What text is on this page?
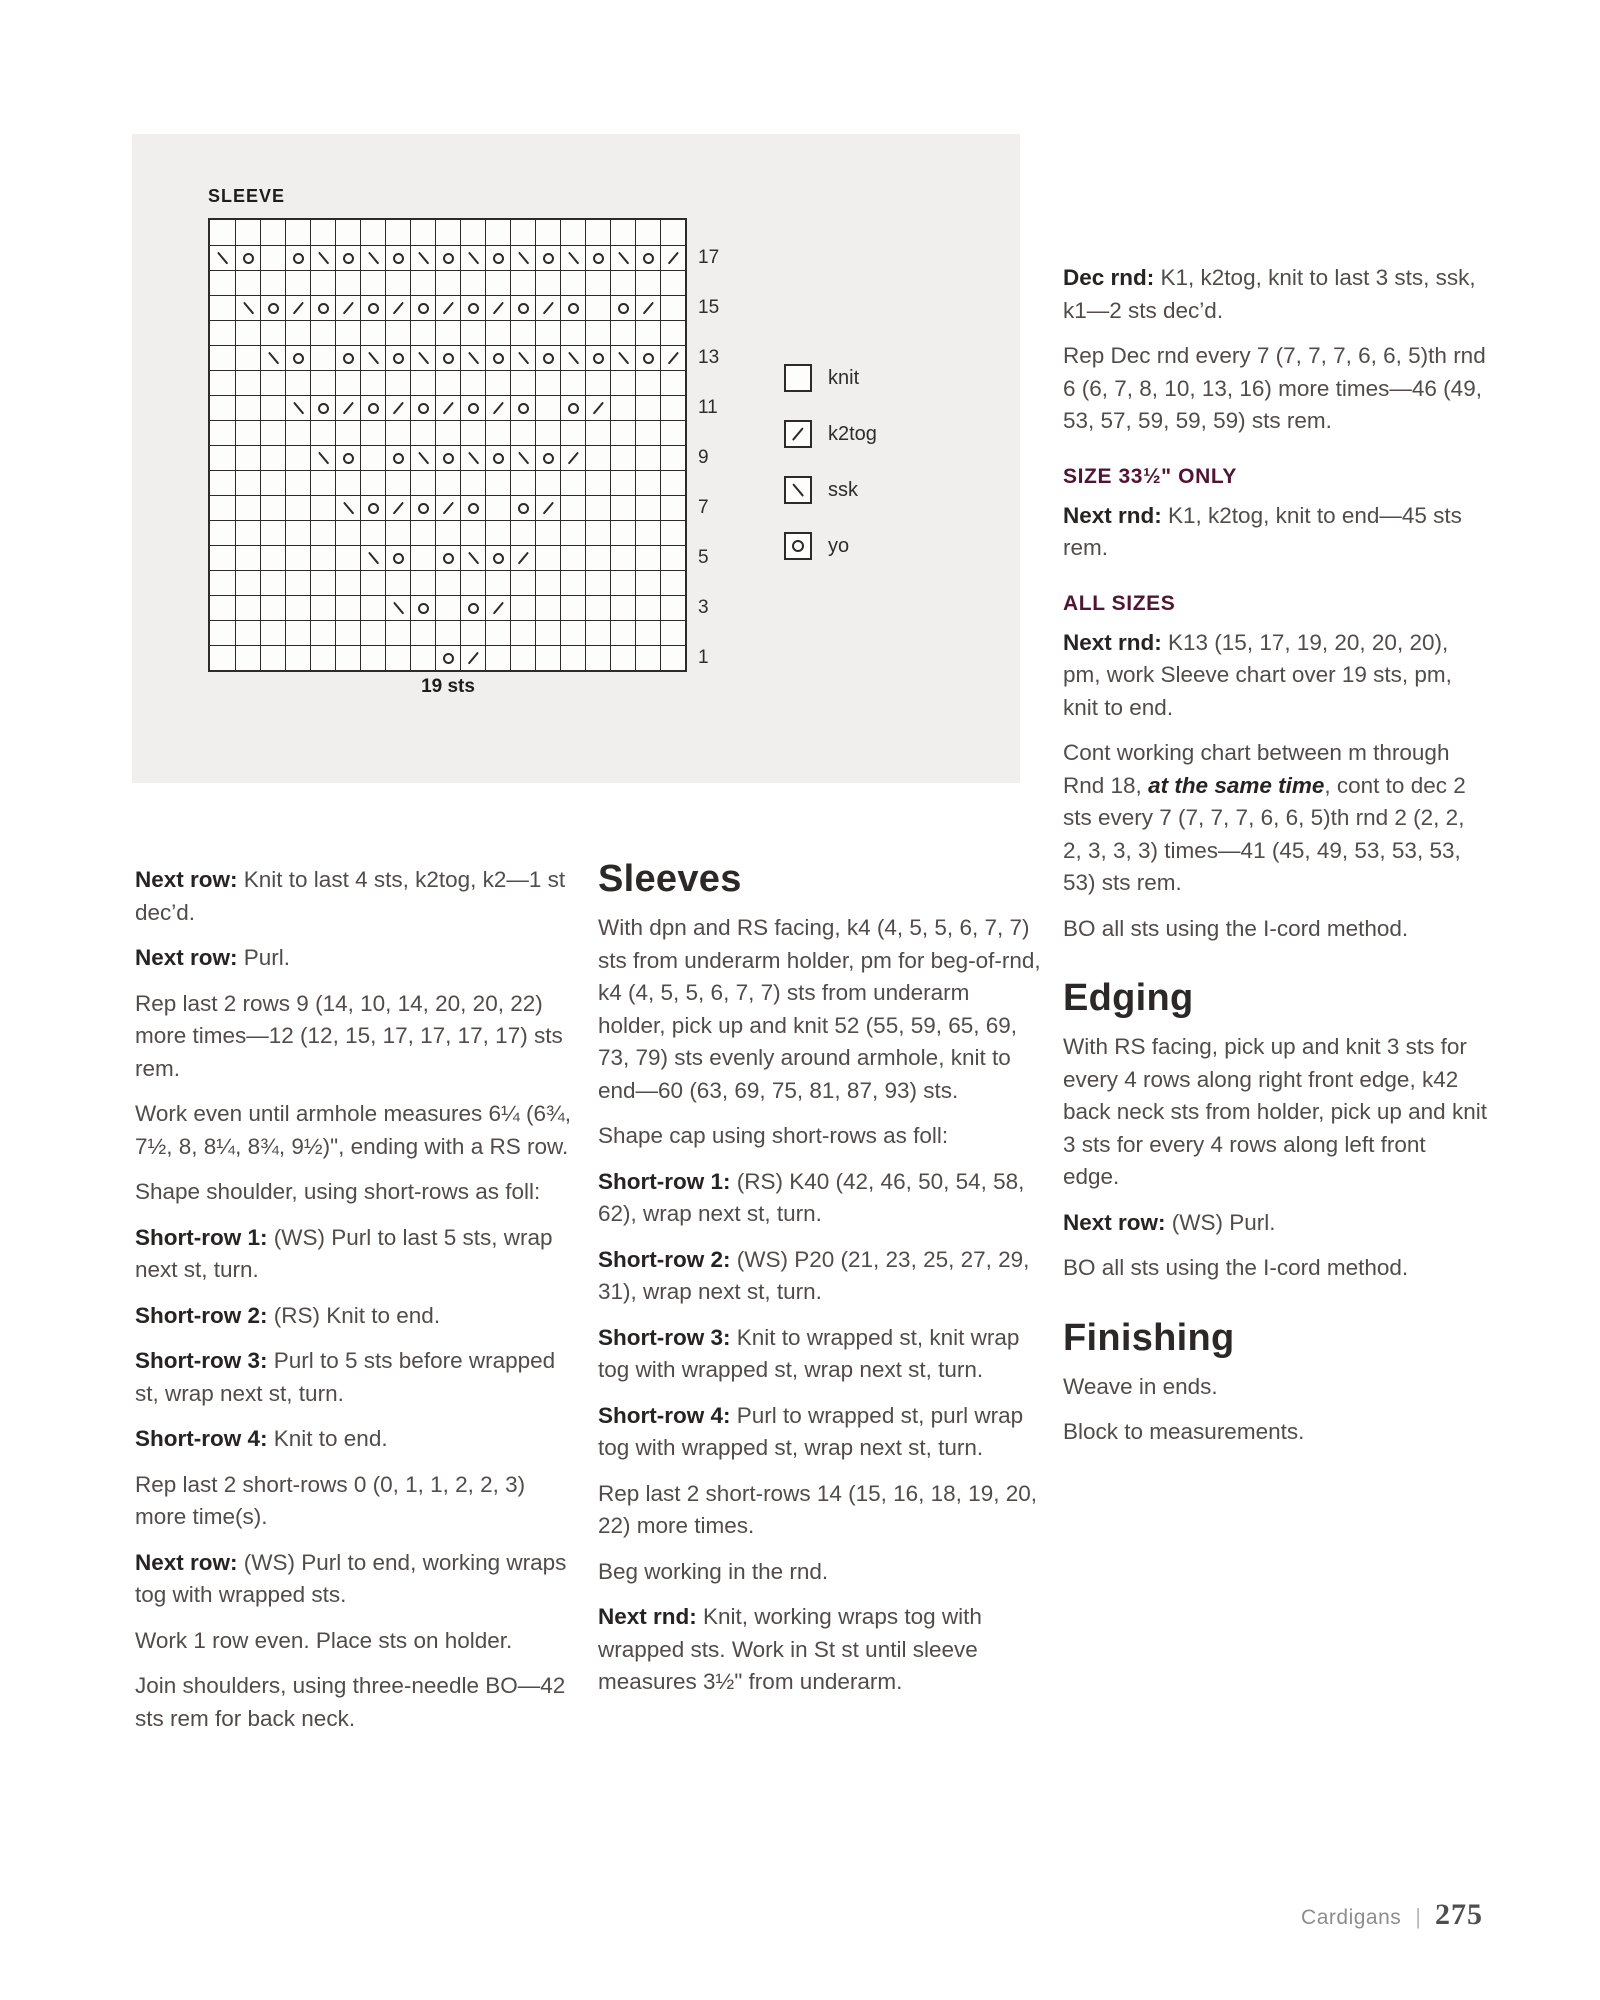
SLEEVE
17
15
13
11
9
7
5
3
1
19 sts
knit
k2tog
ssk
yo

Next row: Knit to last 4 sts, k2tog, k2—1 st dec’d.

Next row: Purl.

Rep last 2 rows 9 (14, 10, 14, 20, 20, 22) more times—12 (12, 15, 17, 17, 17, 17) sts rem.

Work even until armhole measures 6¼ (6¾, 7½, 8, 8¼, 8¾, 9½)", ending with a RS row.

Shape shoulder, using short-rows as foll:

Short-row 1: (WS) Purl to last 5 sts, wrap next st, turn.

Short-row 2: (RS) Knit to end.

Short-row 3: Purl to 5 sts before wrapped st, wrap next st, turn.

Short-row 4: Knit to end.

Rep last 2 short-rows 0 (0, 1, 1, 2, 2, 3) more time(s).

Next row: (WS) Purl to end, working wraps tog with wrapped sts.

Work 1 row even. Place sts on holder.

Join shoulders, using three-needle BO—42 sts rem for back neck.

Sleeves

With dpn and RS facing, k4 (4, 5, 5, 6, 7, 7) sts from underarm holder, pm for beg-of-rnd, k4 (4, 5, 5, 6, 7, 7) sts from underarm holder, pick up and knit 52 (55, 59, 65, 69, 73, 79) sts evenly around armhole, knit to end—60 (63, 69, 75, 81, 87, 93) sts.

Shape cap using short-rows as foll:

Short-row 1: (RS) K40 (42, 46, 50, 54, 58, 62), wrap next st, turn.

Short-row 2: (WS) P20 (21, 23, 25, 27, 29, 31), wrap next st, turn.

Short-row 3: Knit to wrapped st, knit wrap tog with wrapped st, wrap next st, turn.

Short-row 4: Purl to wrapped st, purl wrap tog with wrapped st, wrap next st, turn.

Rep last 2 short-rows 14 (15, 16, 18, 19, 20, 22) more times.

Beg working in the rnd.

Next rnd: Knit, working wraps tog with wrapped sts. Work in St st until sleeve measures 3½" from underarm.

Dec rnd: K1, k2tog, knit to last 3 sts, ssk, k1—2 sts dec’d.

Rep Dec rnd every 7 (7, 7, 7, 6, 6, 5)th rnd 6 (6, 7, 8, 10, 13, 16) more times—46 (49, 53, 57, 59, 59, 59) sts rem.

SIZE 33½" ONLY

Next rnd: K1, k2tog, knit to end—45 sts rem.

ALL SIZES

Next rnd: K13 (15, 17, 19, 20, 20, 20), pm, work Sleeve chart over 19 sts, pm, knit to end.

Cont working chart between m through Rnd 18, at the same time, cont to dec 2 sts every 7 (7, 7, 7, 6, 6, 5)th rnd 2 (2, 2, 2, 3, 3, 3) times—41 (45, 49, 53, 53, 53, 53) sts rem.

BO all sts using the I-cord method.

Edging

With RS facing, pick up and knit 3 sts for every 4 rows along right front edge, k42 back neck sts from holder, pick up and knit 3 sts for every 4 rows along left front edge.

Next row: (WS) Purl.

BO all sts using the I-cord method.

Finishing

Weave in ends.

Block to measurements.

Cardigans | 275
